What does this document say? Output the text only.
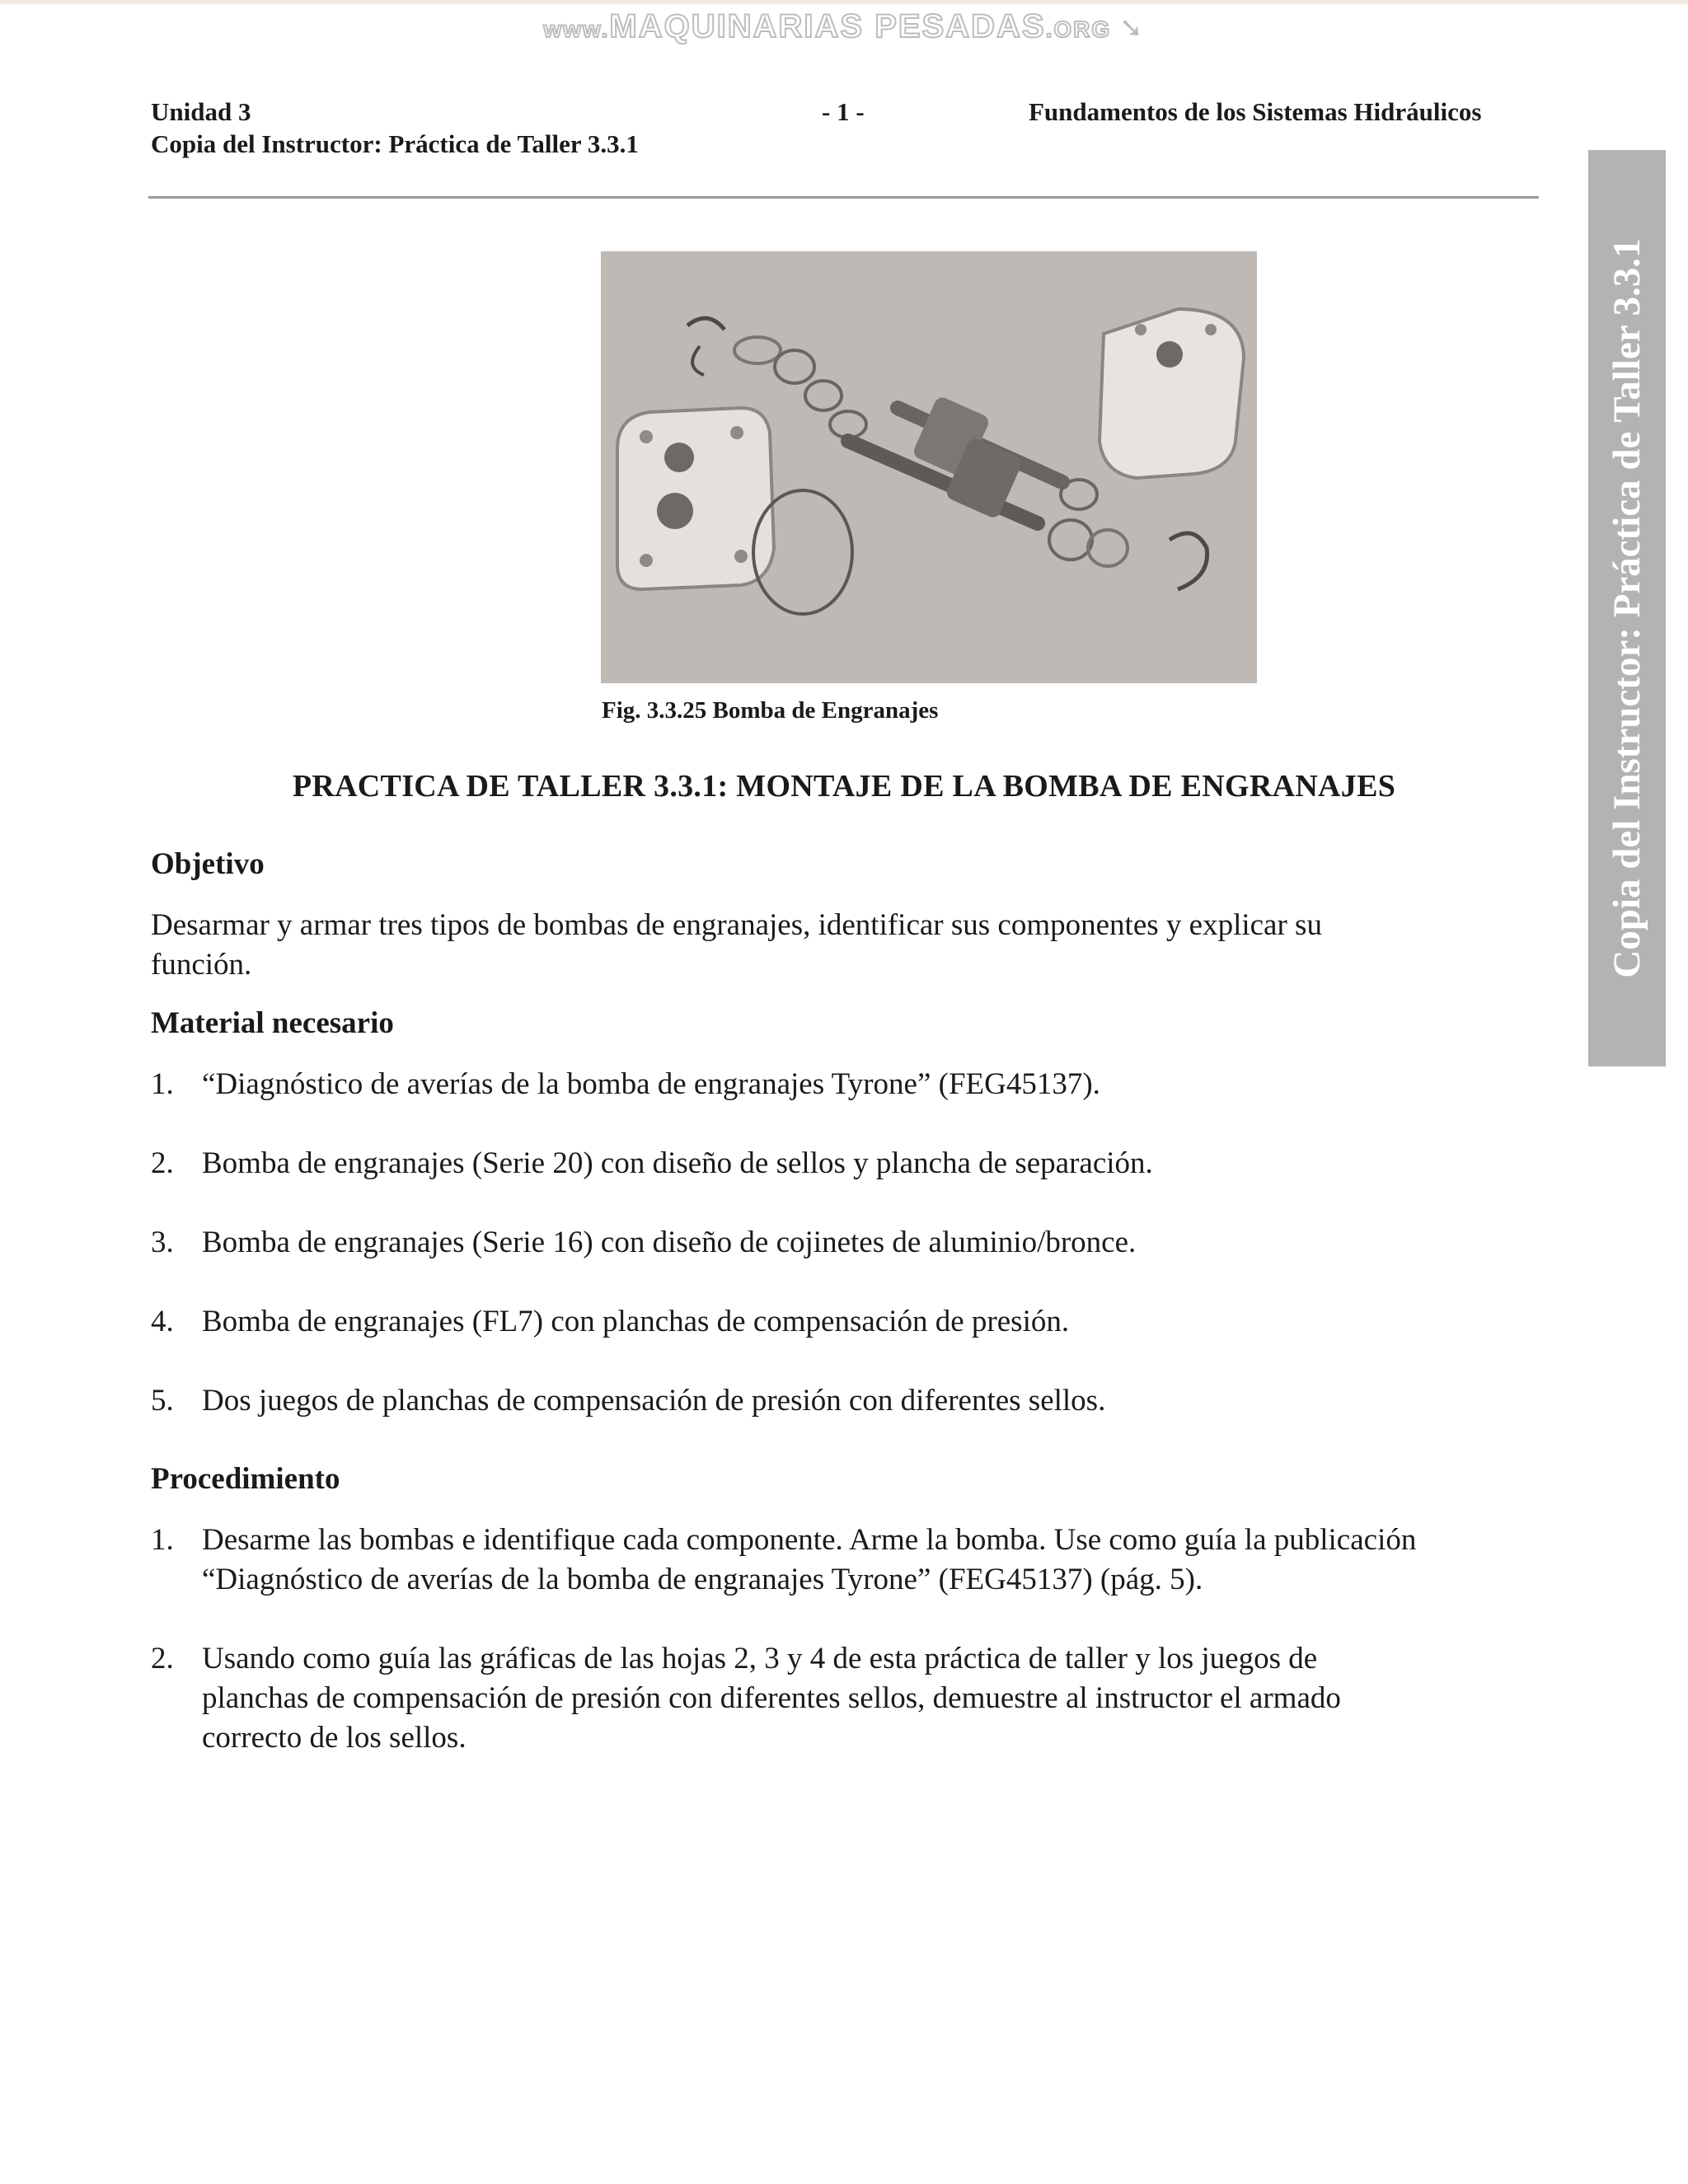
www.MAQUINARIAS PESADAS.ORG ➘
Unidad 3
Copia del Instructor: Práctica de Taller 3.3.1
- 1 -	Fundamentos de los Sistemas Hidráulicos
Copia del Instructor: Práctica de Taller 3.3.1
Fig. 3.3.25 Bomba de Engranajes
PRACTICA DE TALLER 3.3.1: MONTAJE DE LA BOMBA DE ENGRANAJES
Objetivo
Desarmar y armar tres tipos de bombas de engranajes, identificar sus componentes y explicar su
función.
Material necesario
1. “Diagnóstico de averías de la bomba de engranajes Tyrone” (FEG45137).
2. Bomba de engranajes (Serie 20) con diseño de sellos y plancha de separación.
3. Bomba de engranajes (Serie 16) con diseño de cojinetes de aluminio/bronce.
4. Bomba de engranajes (FL7) con planchas de compensación de presión.
5. Dos juegos de planchas de compensación de presión con diferentes sellos.
Procedimiento
1. Desarme las bombas e identifique cada componente. Arme la bomba. Use como guía la publicación
“Diagnóstico de averías de la bomba de engranajes Tyrone” (FEG45137) (pág. 5).
2. Usando como guía las gráficas de las hojas 2, 3 y 4 de esta práctica de taller y los juegos de
planchas de compensación de presión con diferentes sellos, demuestre al instructor el armado
correcto de los sellos.
